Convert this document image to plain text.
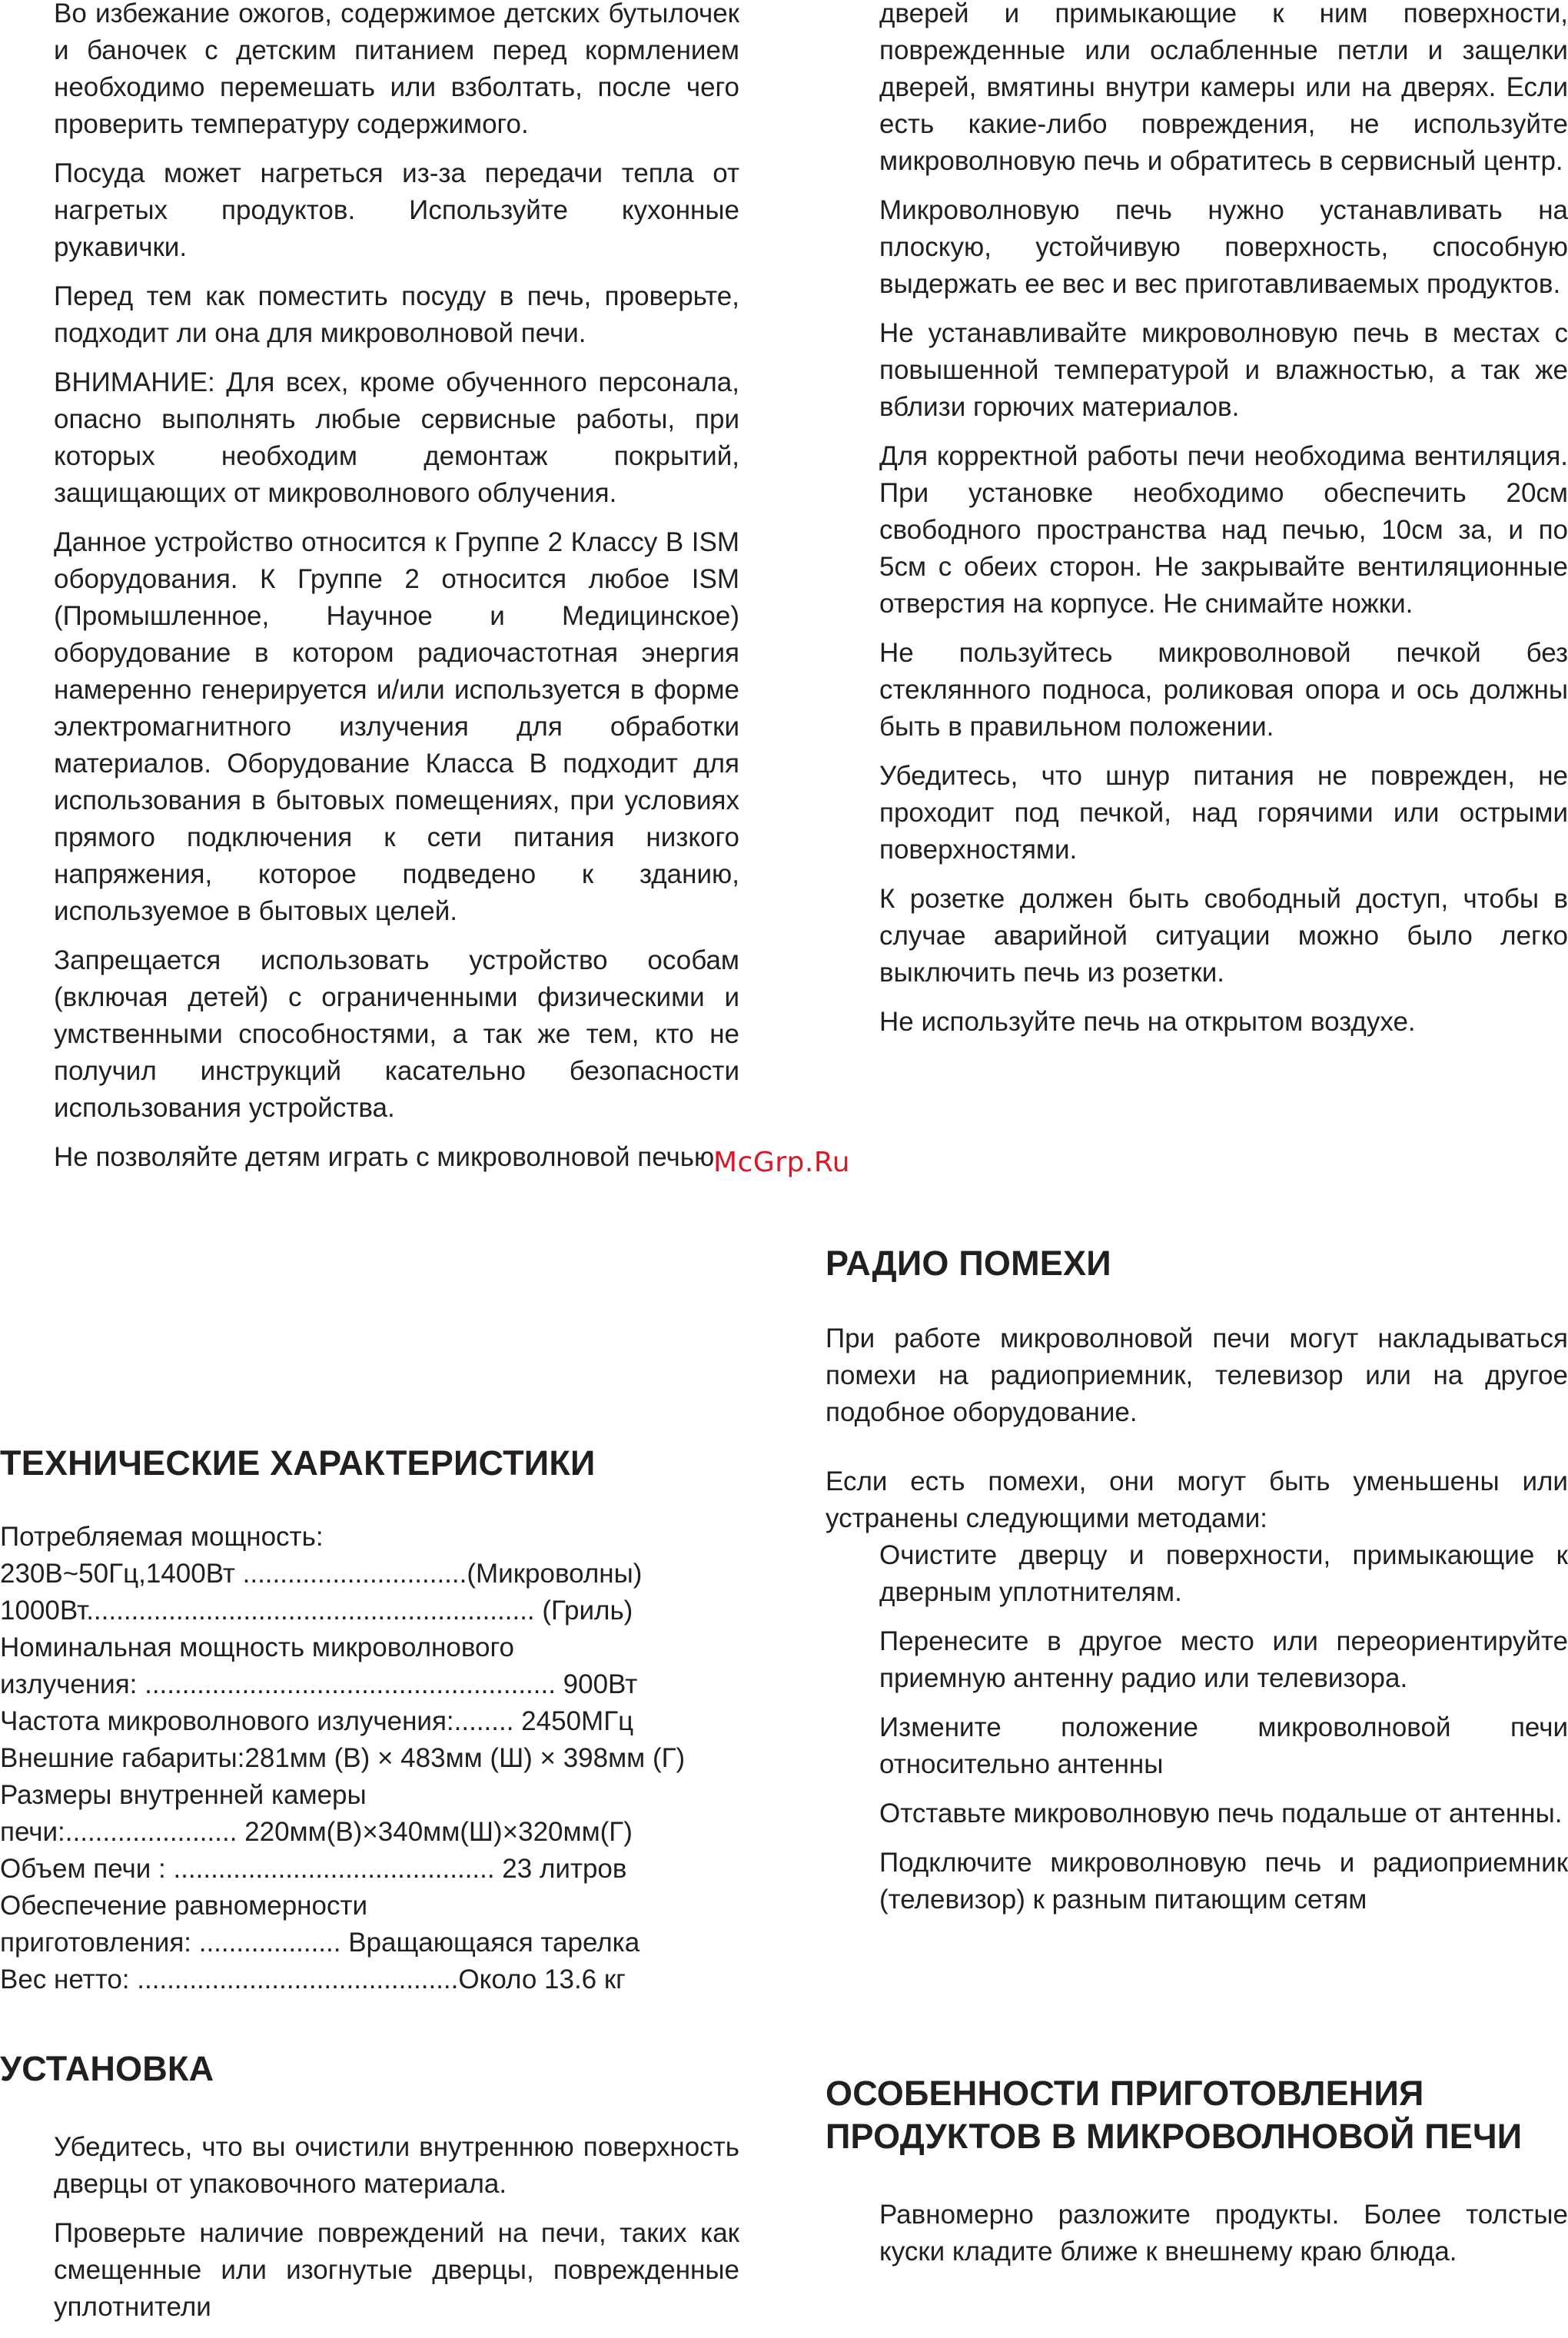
Во избежание ожогов, содержимое детских бутылочек и баночек с детским питанием перед кормлением необходимо перемешать или взболтать, после чего проверить температуру содержимого.

Посуда может нагреться из-за передачи тепла от нагретых продуктов. Используйте кухонные рукавички.

Перед тем как поместить посуду в печь, проверьте, подходит ли она для микроволновой печи.

ВНИМАНИЕ: Для всех, кроме обученного персонала, опасно выполнять любые сервисные работы, при которых необходим демонтаж покрытий, защищающих от микроволнового облучения.

Данное устройство относится к Группе 2 Классу В ISM оборудования. К Группе 2 относится любое ISM (Промышленное, Научное и Медицинское) оборудование в котором радиочастотная энергия намеренно генерируется и/или используется в форме электромагнитного излучения для обработки материалов. Оборудование Класса В подходит для использования в бытовых помещениях, при условиях прямого подключения к сети питания низкого напряжения, которое подведено к зданию, используемое в бытовых целей.

Запрещается использовать устройство особам (включая детей) с ограниченными физическими и умственными способностями, а так же тем, кто не получил инструкций касательно безопасности использования устройства.

Не позволяйте детям играть с микроволновой печью

ТЕХНИЧЕСКИЕ ХАРАКТЕРИСТИКИ
Потребляемая мощность:
230В~50Гц,1400Вт ..............................(Микроволны)
1000Вт............................................................ (Гриль)
Номинальная мощность микроволнового
излучения: ....................................................... 900Вт
Частота микроволнового излучения:........ 2450МГц
Внешние габариты:281мм (В) × 483мм (Ш) × 398мм (Г)
Размеры внутренней камеры
печи:....................... 220мм(В)×340мм(Ш)×320мм(Г)
Объем печи : ........................................... 23 литров
Обеспечение равномерности
приготовления: ................... Вращающаяся тарелка
Вес нетто: ...........................................Около 13.6 кг
УСТАНОВКА

Убедитесь, что вы очистили внутреннюю поверхность дверцы от упаковочного материала.

Проверьте наличие повреждений на печи, таких как смещенные или изогнутые дверцы, поврежденные уплотнители

дверей и примыкающие к ним поверхности, поврежденные или ослабленные петли и защелки дверей, вмятины внутри камеры или на дверях. Если есть какие-либо повреждения, не используйте микроволновую печь и обратитесь в сервисный центр.

Микроволновую печь нужно устанавливать на плоскую, устойчивую поверхность, способную выдержать ее вес и вес приготавливаемых продуктов.

Не устанавливайте микроволновую печь в местах с повышенной температурой и влажностью, а так же вблизи горючих материалов.

Для корректной работы печи необходима вентиляция. При установке необходимо обеспечить 20см свободного пространства над печью, 10см за, и по 5см с обеих сторон. Не закрывайте вентиляционные отверстия на корпусе. Не снимайте ножки.

Не пользуйтесь микроволновой печкой без стеклянного подноса, роликовая опора и ось должны быть в правильном положении.

Убедитесь, что шнур питания не поврежден, не проходит под печкой, над горячими или острыми поверхностями.

К розетке должен быть свободный доступ, чтобы в случае аварийной ситуации можно было легко выключить печь из розетки.

Не используйте печь на открытом воздухе.

РАДИО ПОМЕХИ

При работе микроволновой печи могут накладываться помехи на радиоприемник, телевизор или на другое подобное оборудование.

Если есть помехи, они могут быть уменьшены или устранены следующими методами:

Очистите дверцу и поверхности, примыкающие к дверным уплотнителям.

Перенесите в другое место или переориентируйте приемную антенну радио или телевизора.

Измените положение микроволновой печи относительно антенны

Отставьте микроволновую печь подальше от антенны.

Подключите микроволновую печь и радиоприемник (телевизор) к разным питающим сетям

ОСОБЕННОСТИ ПРИГОТОВЛЕНИЯ
ПРОДУКТОВ В МИКРОВОЛНОВОЙ ПЕЧИ

Равномерно разложите продукты. Более толстые куски кладите ближе к внешнему краю блюда.

McGrp.Ru
